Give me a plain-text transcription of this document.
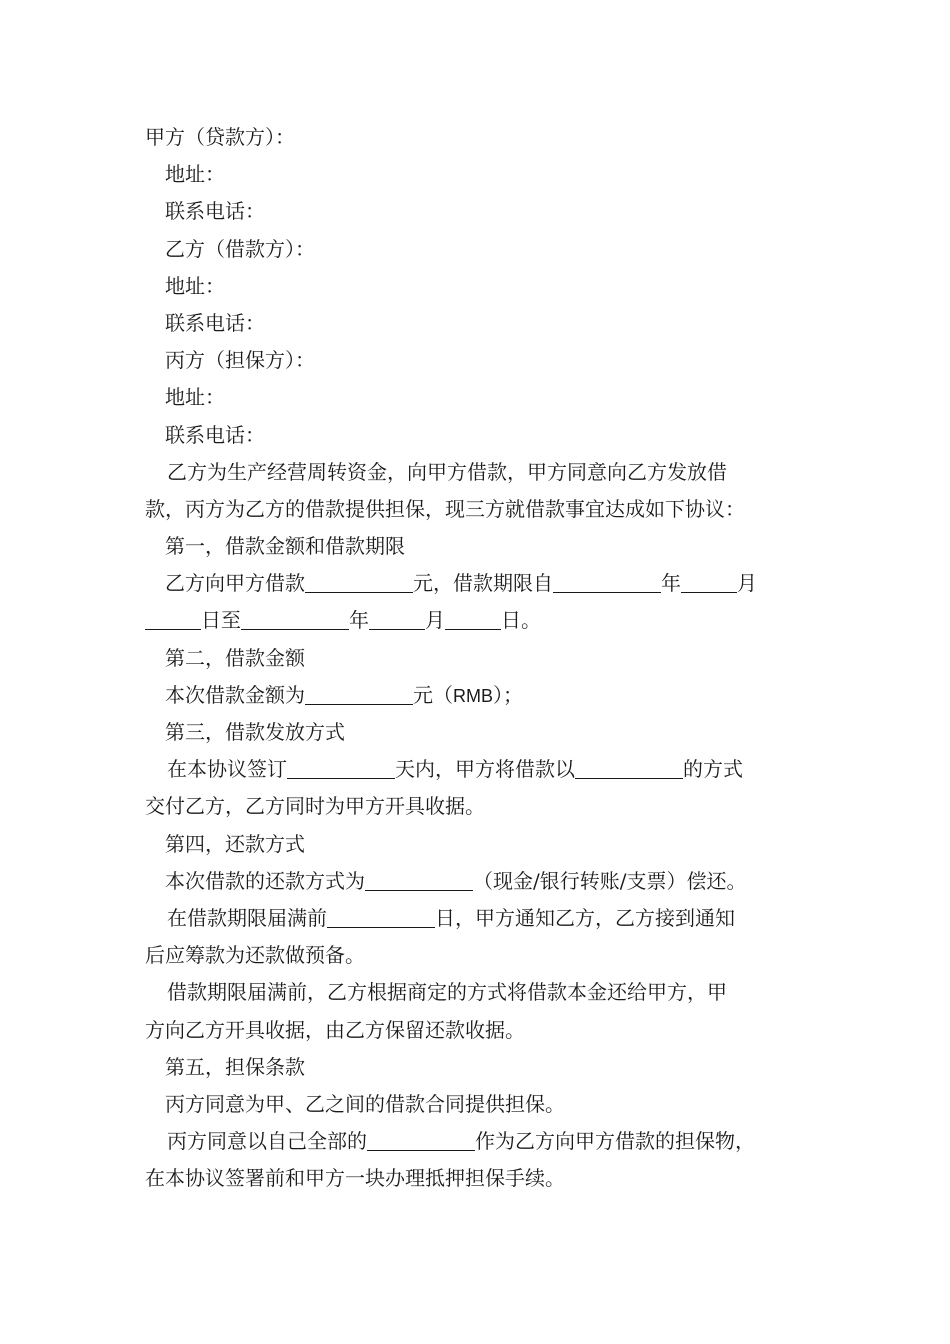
甲方（贷款方）：
地址：
联系电话：
乙方（借款方）：
地址：
联系电话：
丙方（担保方）：
地址：
联系电话：
乙方为生产经营周转资金，向甲方借款，甲方同意向乙方发放借
款，丙方为乙方的借款提供担保，现三方就借款事宜达成如下协议：
第一，借款金额和借款期限
乙方向甲方借款	元，借款期限自	年	月
日至	年	月	日。
第二，借款金额
本次借款金额为	元（RMB）；
第三，借款发放方式
在本协议签订	天内，甲方将借款以	的方式
交付乙方，乙方同时为甲方开具收据。
第四，还款方式
本次借款的还款方式为	（现金/银行转账/支票）偿还。
在借款期限届满前	日，甲方通知乙方，乙方接到通知
后应筹款为还款做预备。
借款期限届满前，乙方根据商定的方式将借款本金还给甲方，甲
方向乙方开具收据，由乙方保留还款收据。
第五，担保条款
丙方同意为甲、乙之间的借款合同提供担保。
丙方同意以自己全部的	作为乙方向甲方借款的担保物，
在本协议签署前和甲方一块办理抵押担保手续。
